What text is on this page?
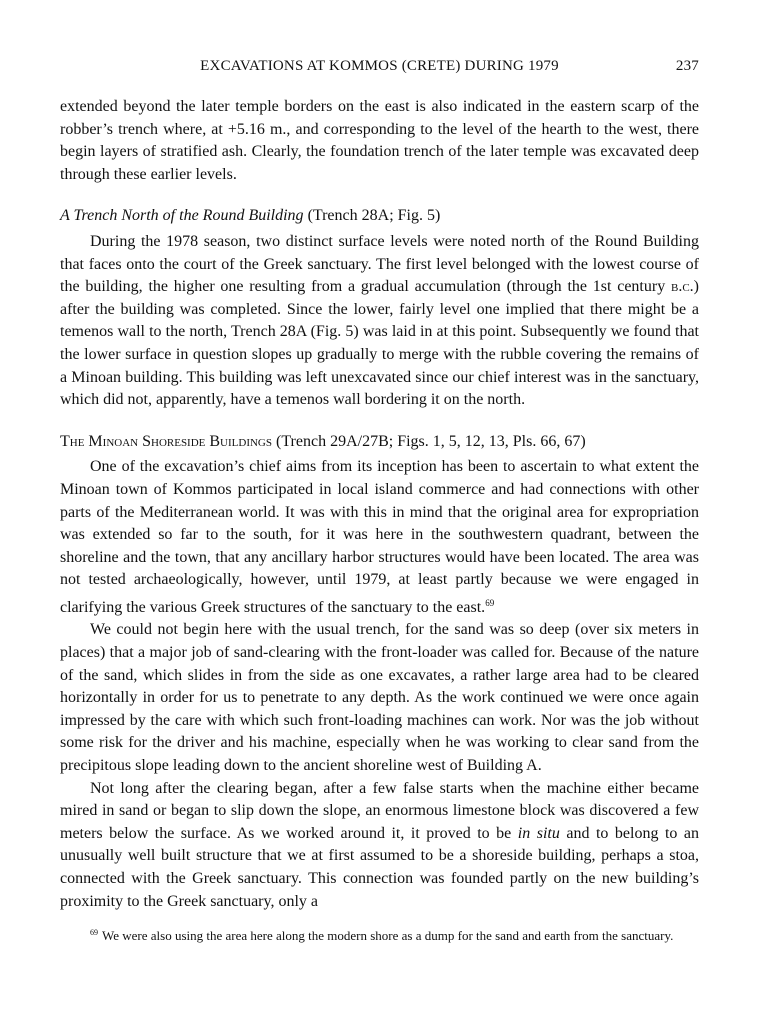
EXCAVATIONS AT KOMMOS (CRETE) DURING 1979	237

extended beyond the later temple borders on the east is also indicated in the eastern scarp of the robber’s trench where, at +5.16 m., and corresponding to the level of the hearth to the west, there begin layers of stratified ash. Clearly, the foundation trench of the later temple was excavated deep through these earlier levels.

A Trench North of the Round Building (Trench 28A; Fig. 5)

During the 1978 season, two distinct surface levels were noted north of the Round Building that faces onto the court of the Greek sanctuary. The first level belonged with the lowest course of the building, the higher one resulting from a gradual accumulation (through the 1st century b.c.) after the building was completed. Since the lower, fairly level one implied that there might be a temenos wall to the north, Trench 28A (Fig. 5) was laid in at this point. Subsequently we found that the lower surface in question slopes up gradually to merge with the rubble covering the remains of a Minoan building. This building was left unexcavated since our chief interest was in the sanctuary, which did not, apparently, have a temenos wall bordering it on the north.

The Minoan Shoreside Buildings (Trench 29A/27B; Figs. 1, 5, 12, 13, Pls. 66, 67)

One of the excavation’s chief aims from its inception has been to ascertain to what extent the Minoan town of Kommos participated in local island commerce and had connections with other parts of the Mediterranean world. It was with this in mind that the original area for expropriation was extended so far to the south, for it was here in the southwestern quadrant, between the shoreline and the town, that any ancillary harbor structures would have been located. The area was not tested archaeologically, however, until 1979, at least partly because we were engaged in clarifying the various Greek structures of the sanctuary to the east.$^{69}$

We could not begin here with the usual trench, for the sand was so deep (over six meters in places) that a major job of sand-clearing with the front-loader was called for. Because of the nature of the sand, which slides in from the side as one excavates, a rather large area had to be cleared horizontally in order for us to penetrate to any depth. As the work continued we were once again impressed by the care with which such front-loading machines can work. Nor was the job without some risk for the driver and his machine, especially when he was working to clear sand from the precipitous slope leading down to the ancient shoreline west of Building A.

Not long after the clearing began, after a few false starts when the machine either became mired in sand or began to slip down the slope, an enormous limestone block was discovered a few meters below the surface. As we worked around it, it proved to be in situ and to belong to an unusually well built structure that we at first assumed to be a shoreside building, perhaps a stoa, connected with the Greek sanctuary. This connection was founded partly on the new building’s proximity to the Greek sanctuary, only a

$^{69}$ We were also using the area here along the modern shore as a dump for the sand and earth from the sanctuary.
